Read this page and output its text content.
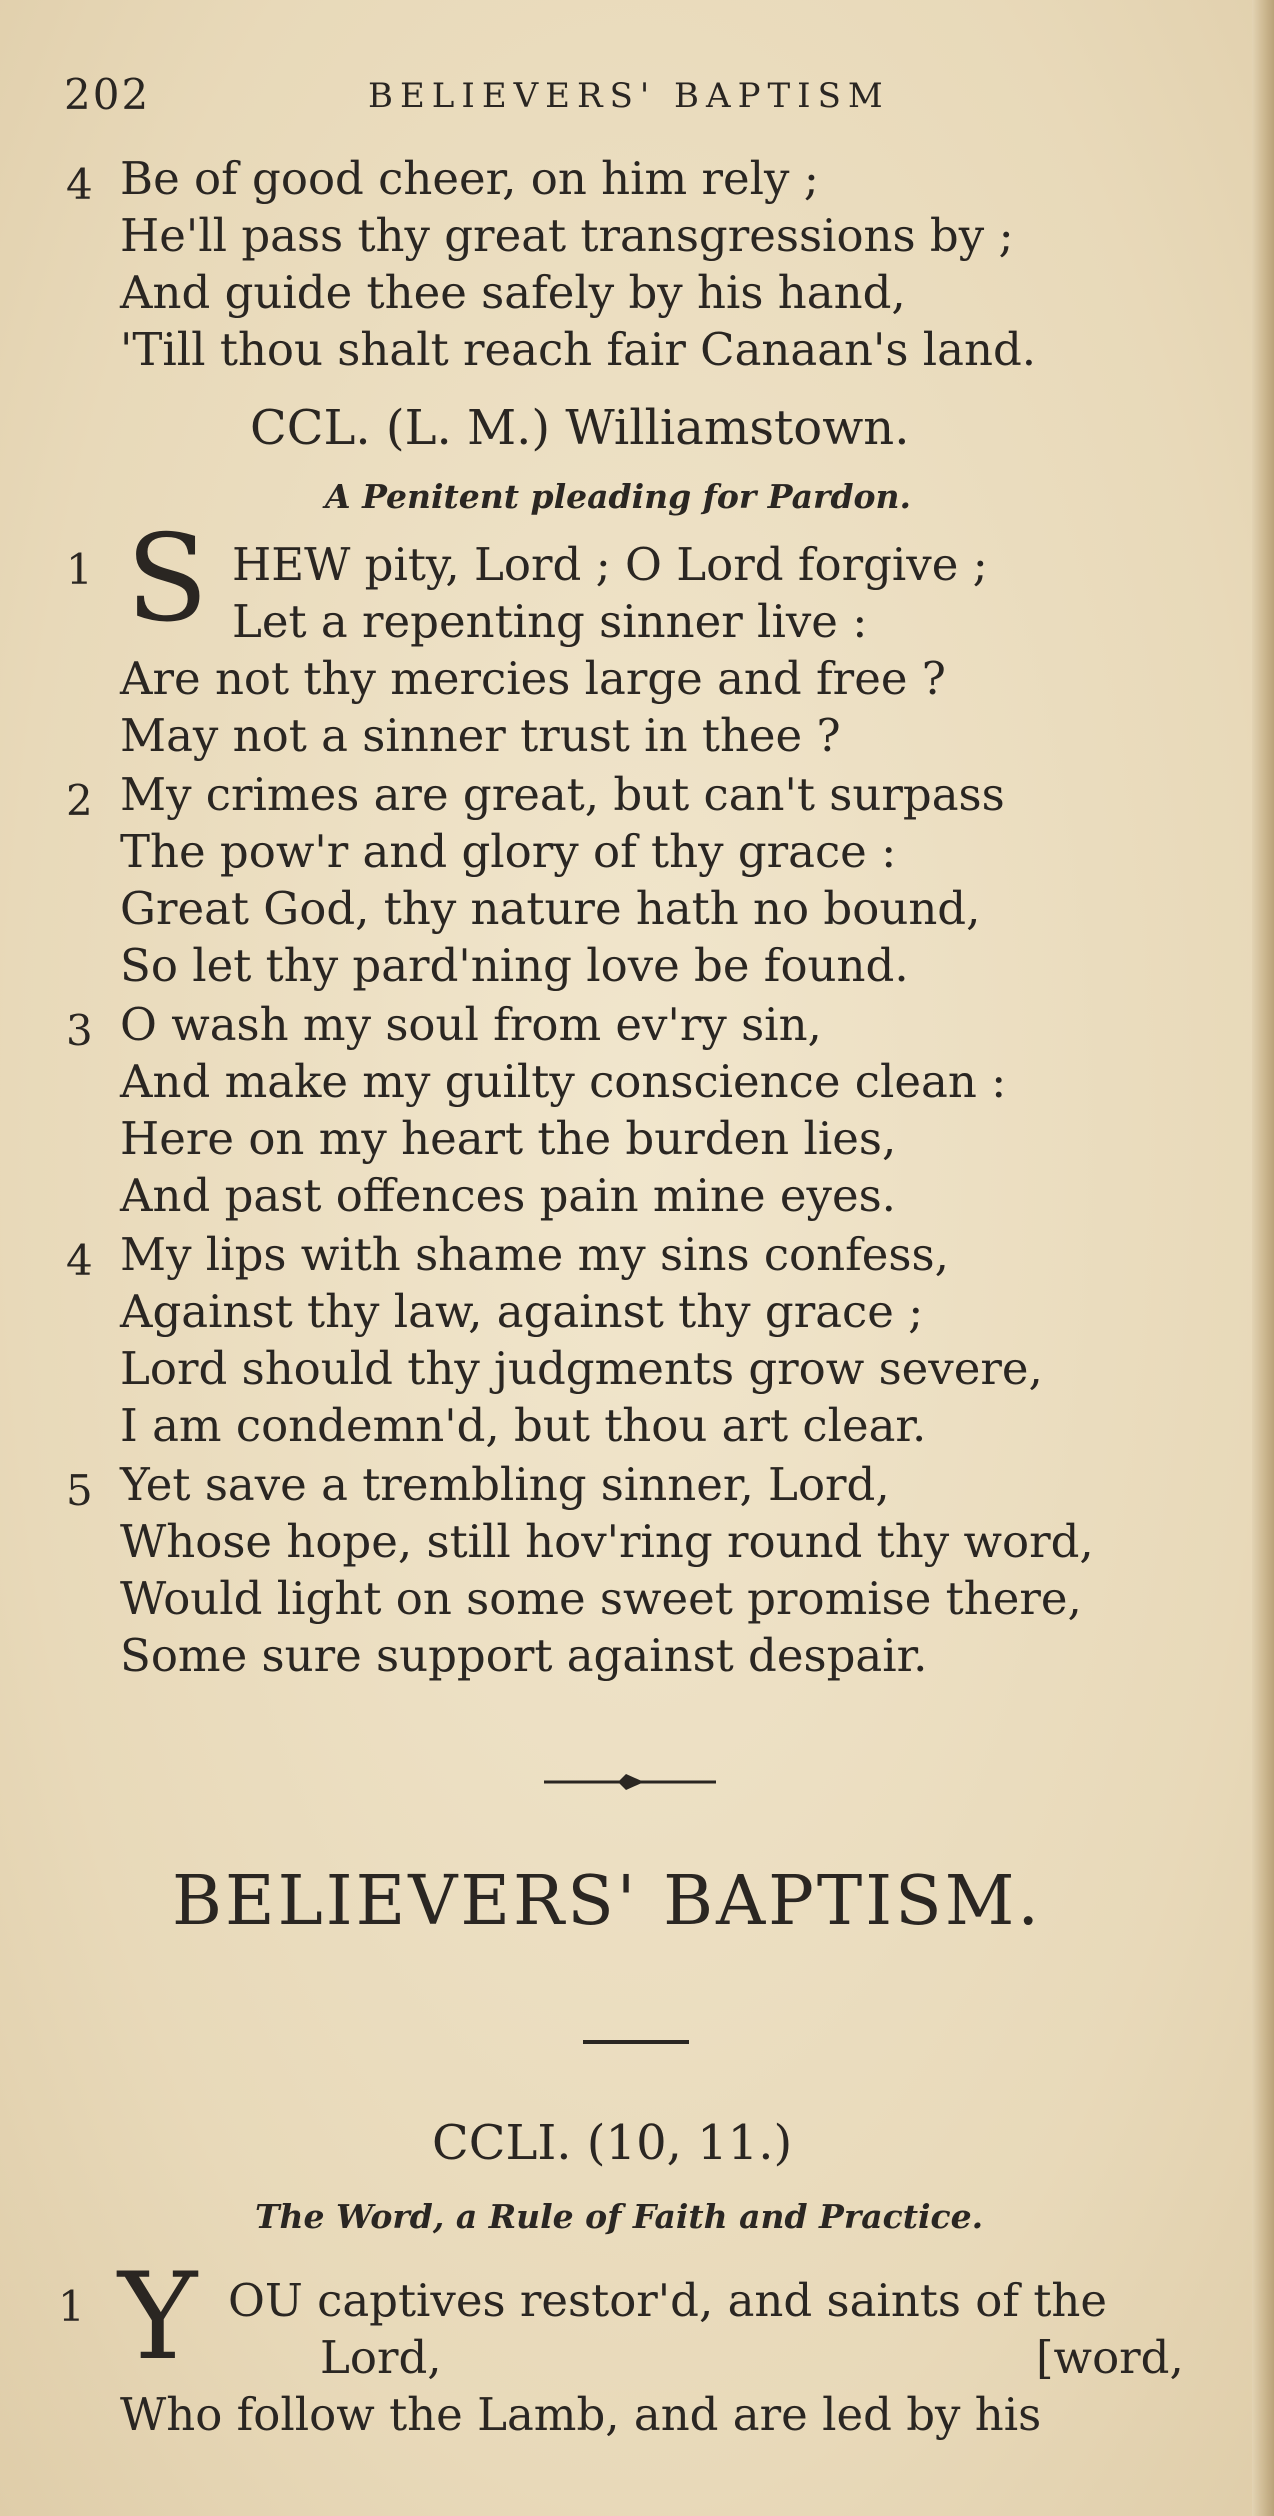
202	BELIEVERS' BAPTISM
4 Be of good cheer, on him rely ;
He'll pass thy great transgressions by ;
And guide thee safely by his hand,
'Till thou shalt reach fair Canaan's land.
CCL. (L. M.) Williamstown.
A Penitent pleading for Pardon.
1 S HEW pity, Lord ; O Lord forgive ;
Let a repenting sinner live :
Are not thy mercies large and free ?
May not a sinner trust in thee ?
2 My crimes are great, but can't surpass
The pow'r and glory of thy grace :
Great God, thy nature hath no bound,
So let thy pard'ning love be found.
3 O wash my soul from ev'ry sin,
And make my guilty conscience clean :
Here on my heart the burden lies,
And past offences pain mine eyes.
4 My lips with shame my sins confess,
Against thy law, against thy grace ;
Lord should thy judgments grow severe,
I am condemn'd, but thou art clear.
5 Yet save a trembling sinner, Lord,
Whose hope, still hov'ring round thy word,
Would light on some sweet promise there,
Some sure support against despair.
BELIEVERS' BAPTISM.
CCLI. (10, 11.)
The Word, a Rule of Faith and Practice.
1 Y OU captives restor'd, and saints of the
Lord,	[word,
Who follow the Lamb, and are led by his
